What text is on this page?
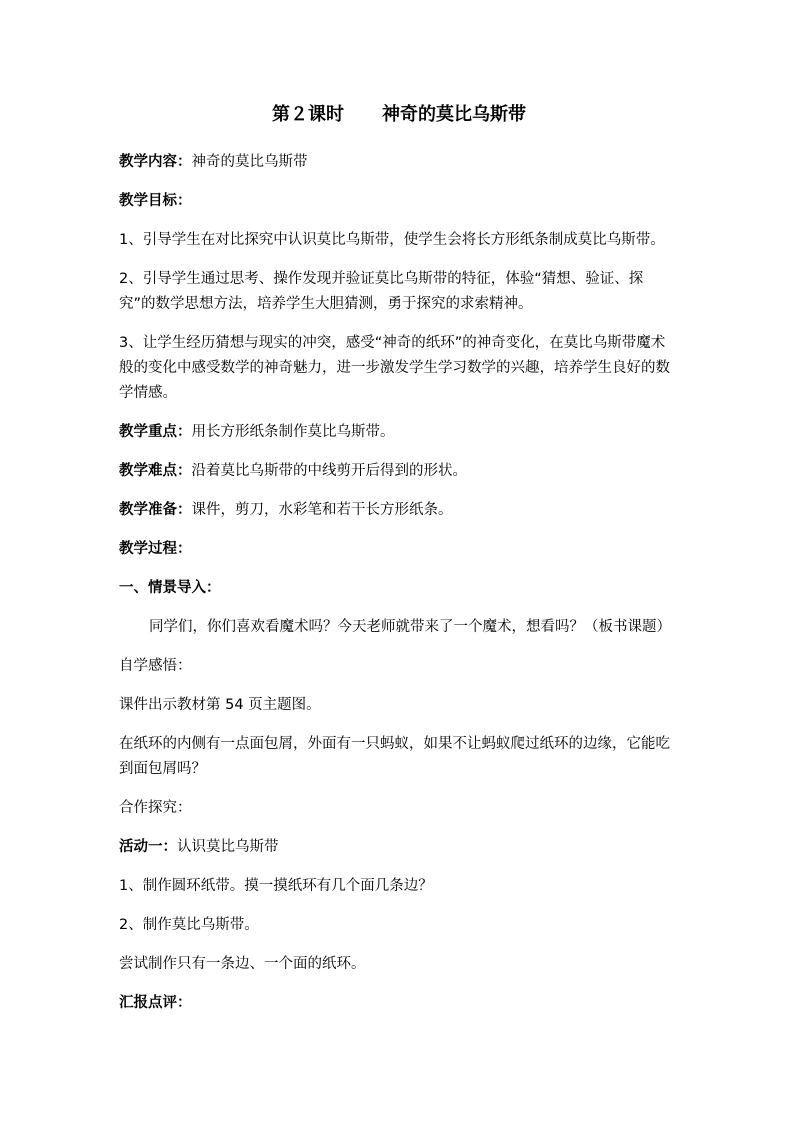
第２课时 神奇的莫比乌斯带

教学内容：神奇的莫比乌斯带

教学目标：

1、引导学生在对比探究中认识莫比乌斯带，使学生会将长方形纸条制成莫比乌斯带。

2、引导学生通过思考、操作发现并验证莫比乌斯带的特征，体验“猜想、验证、探究”的数学思想方法，培养学生大胆猜测，勇于探究的求索精神。

3、让学生经历猜想与现实的冲突，感受“神奇的纸环”的神奇变化，在莫比乌斯带魔术般的变化中感受数学的神奇魅力，进一步激发学生学习数学的兴趣，培养学生良好的数学情感。

教学重点：用长方形纸条制作莫比乌斯带。

教学难点：沿着莫比乌斯带的中线剪开后得到的形状。

教学准备：课件，剪刀，水彩笔和若干长方形纸条。

教学过程：

一、情景导入：

同学们，你们喜欢看魔术吗？今天老师就带来了一个魔术，想看吗？（板书课题）

自学感悟：

课件出示教材第 54 页主题图。

在纸环的内侧有一点面包屑，外面有一只蚂蚁，如果不让蚂蚁爬过纸环的边缘，它能吃到面包屑吗？

合作探究：

活动一：认识莫比乌斯带

1、制作圆环纸带。摸一摸纸环有几个面几条边？

2、制作莫比乌斯带。

尝试制作只有一条边、一个面的纸环。

汇报点评：
